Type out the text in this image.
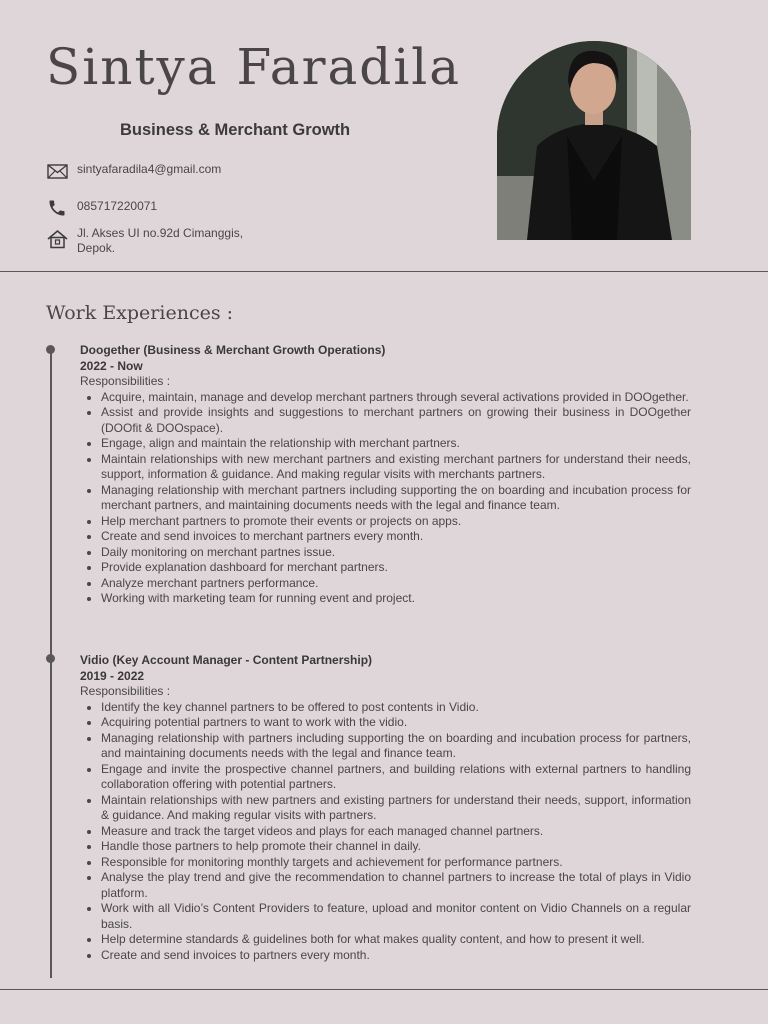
Sintya Faradila
Business & Merchant Growth
sintyafaradila4@gmail.com
085717220071
Jl. Akses UI no.92d Cimanggis, Depok.
Work Experiences :
Doogether (Business & Merchant Growth Operations)
2022 - Now
Responsibilities :
• Acquire, maintain, manage and develop merchant partners through several activations provided in DOOgether.
• Assist and provide insights and suggestions to merchant partners on growing their business in DOOgether (DOOfit & DOOspace).
• Engage, align and maintain the relationship with merchant partners.
• Maintain relationships with new merchant partners and existing merchant partners for understand their needs, support, information & guidance. And making regular visits with merchants partners.
• Managing relationship with merchant partners including supporting the on boarding and incubation process for merchant partners, and maintaining documents needs with the legal and finance team.
• Help merchant partners to promote their events or projects on apps.
• Create and send invoices to merchant partners every month.
• Daily monitoring on merchant partnes issue.
• Provide explanation dashboard for merchant partners.
• Analyze merchant partners performance.
• Working with marketing team for running event and project.
Vidio (Key Account Manager - Content Partnership)
2019 - 2022
Responsibilities :
• Identify the key channel partners to be offered to post contents in Vidio.
• Acquiring potential partners to want to work with the vidio.
• Managing relationship with partners including supporting the on boarding and incubation process for partners, and maintaining documents needs with the legal and finance team.
• Engage and invite the prospective channel partners, and building relations with external partners to handling collaboration offering with potential partners.
• Maintain relationships with new partners and existing partners for understand their needs, support, information & guidance. And making regular visits with partners.
• Measure and track the target videos and plays for each managed channel partners.
• Handle those partners to help promote their channel in daily.
• Responsible for monitoring monthly targets and achievement for performance partners.
• Analyse the play trend and give the recommendation to channel partners to increase the total of plays in Vidio platform.
• Work with all Vidio’s Content Providers to feature, upload and monitor content on Vidio Channels on a regular basis.
• Help determine standards & guidelines both for what makes quality content, and how to present it well.
• Create and send invoices to partners every month.
